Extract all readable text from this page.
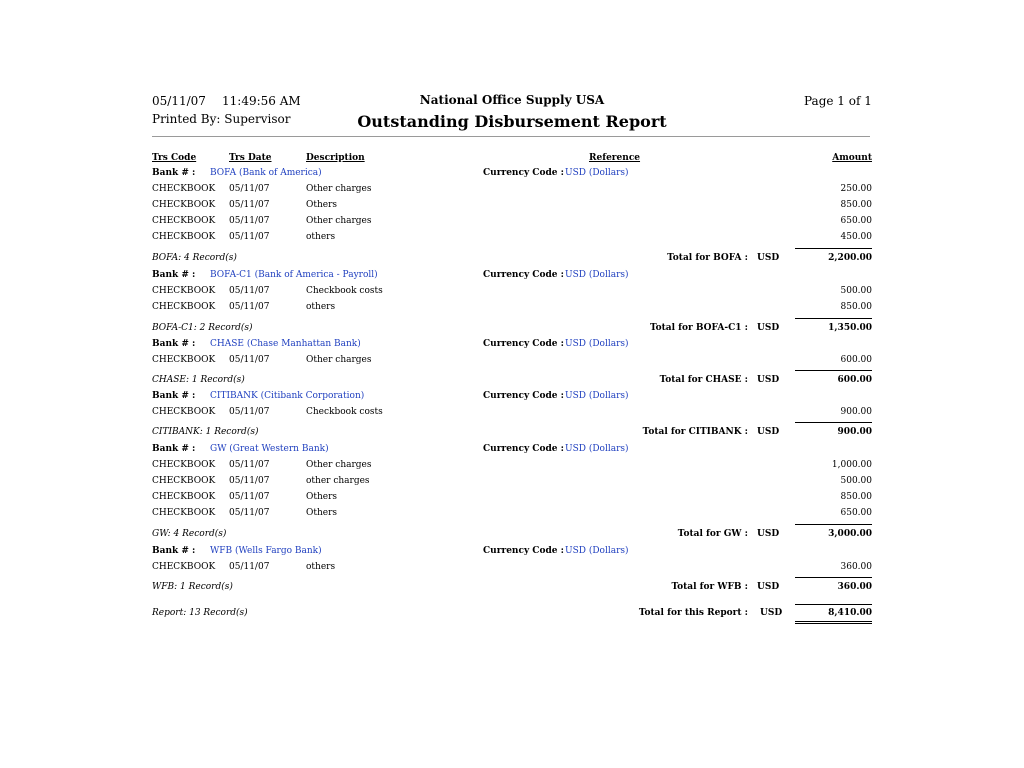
05/11/07 11:49:56 AM
Printed By: Supervisor
National Office Supply USA
Outstanding Disbursement Report
Page 1 of 1
Trs Code	Trs Date	Description	Reference	Amount
Bank # : BOFA (Bank of America)	Currency Code : USD (Dollars)
CHECKBOOK 05/11/07	Other charges	250.00
CHECKBOOK 05/11/07	Others	850.00
CHECKBOOK 05/11/07	Other charges	650.00
CHECKBOOK 05/11/07	others	450.00
BOFA: 4 Record(s)	Total for BOFA : USD	2,200.00
Bank # : BOFA-C1 (Bank of America - Payroll)	Currency Code : USD (Dollars)
CHECKBOOK 05/11/07	Checkbook costs	500.00
CHECKBOOK 05/11/07	others	850.00
BOFA-C1: 2 Record(s)	Total for BOFA-C1 : USD	1,350.00
Bank # : CHASE (Chase Manhattan Bank)	Currency Code : USD (Dollars)
CHECKBOOK 05/11/07	Other charges	600.00
CHASE: 1 Record(s)	Total for CHASE : USD	600.00
Bank # : CITIBANK (Citibank Corporation)	Currency Code : USD (Dollars)
CHECKBOOK 05/11/07	Checkbook costs	900.00
CITIBANK: 1 Record(s)	Total for CITIBANK : USD	900.00
Bank # : GW (Great Western Bank)	Currency Code : USD (Dollars)
CHECKBOOK 05/11/07	Other charges	1,000.00
CHECKBOOK 05/11/07	other charges	500.00
CHECKBOOK 05/11/07	Others	850.00
CHECKBOOK 05/11/07	Others	650.00
GW: 4 Record(s)	Total for GW : USD	3,000.00
Bank # : WFB (Wells Fargo Bank)	Currency Code : USD (Dollars)
CHECKBOOK 05/11/07	others	360.00
WFB: 1 Record(s)	Total for WFB : USD	360.00
Report: 13 Record(s)	Total for this Report : USD	8,410.00
